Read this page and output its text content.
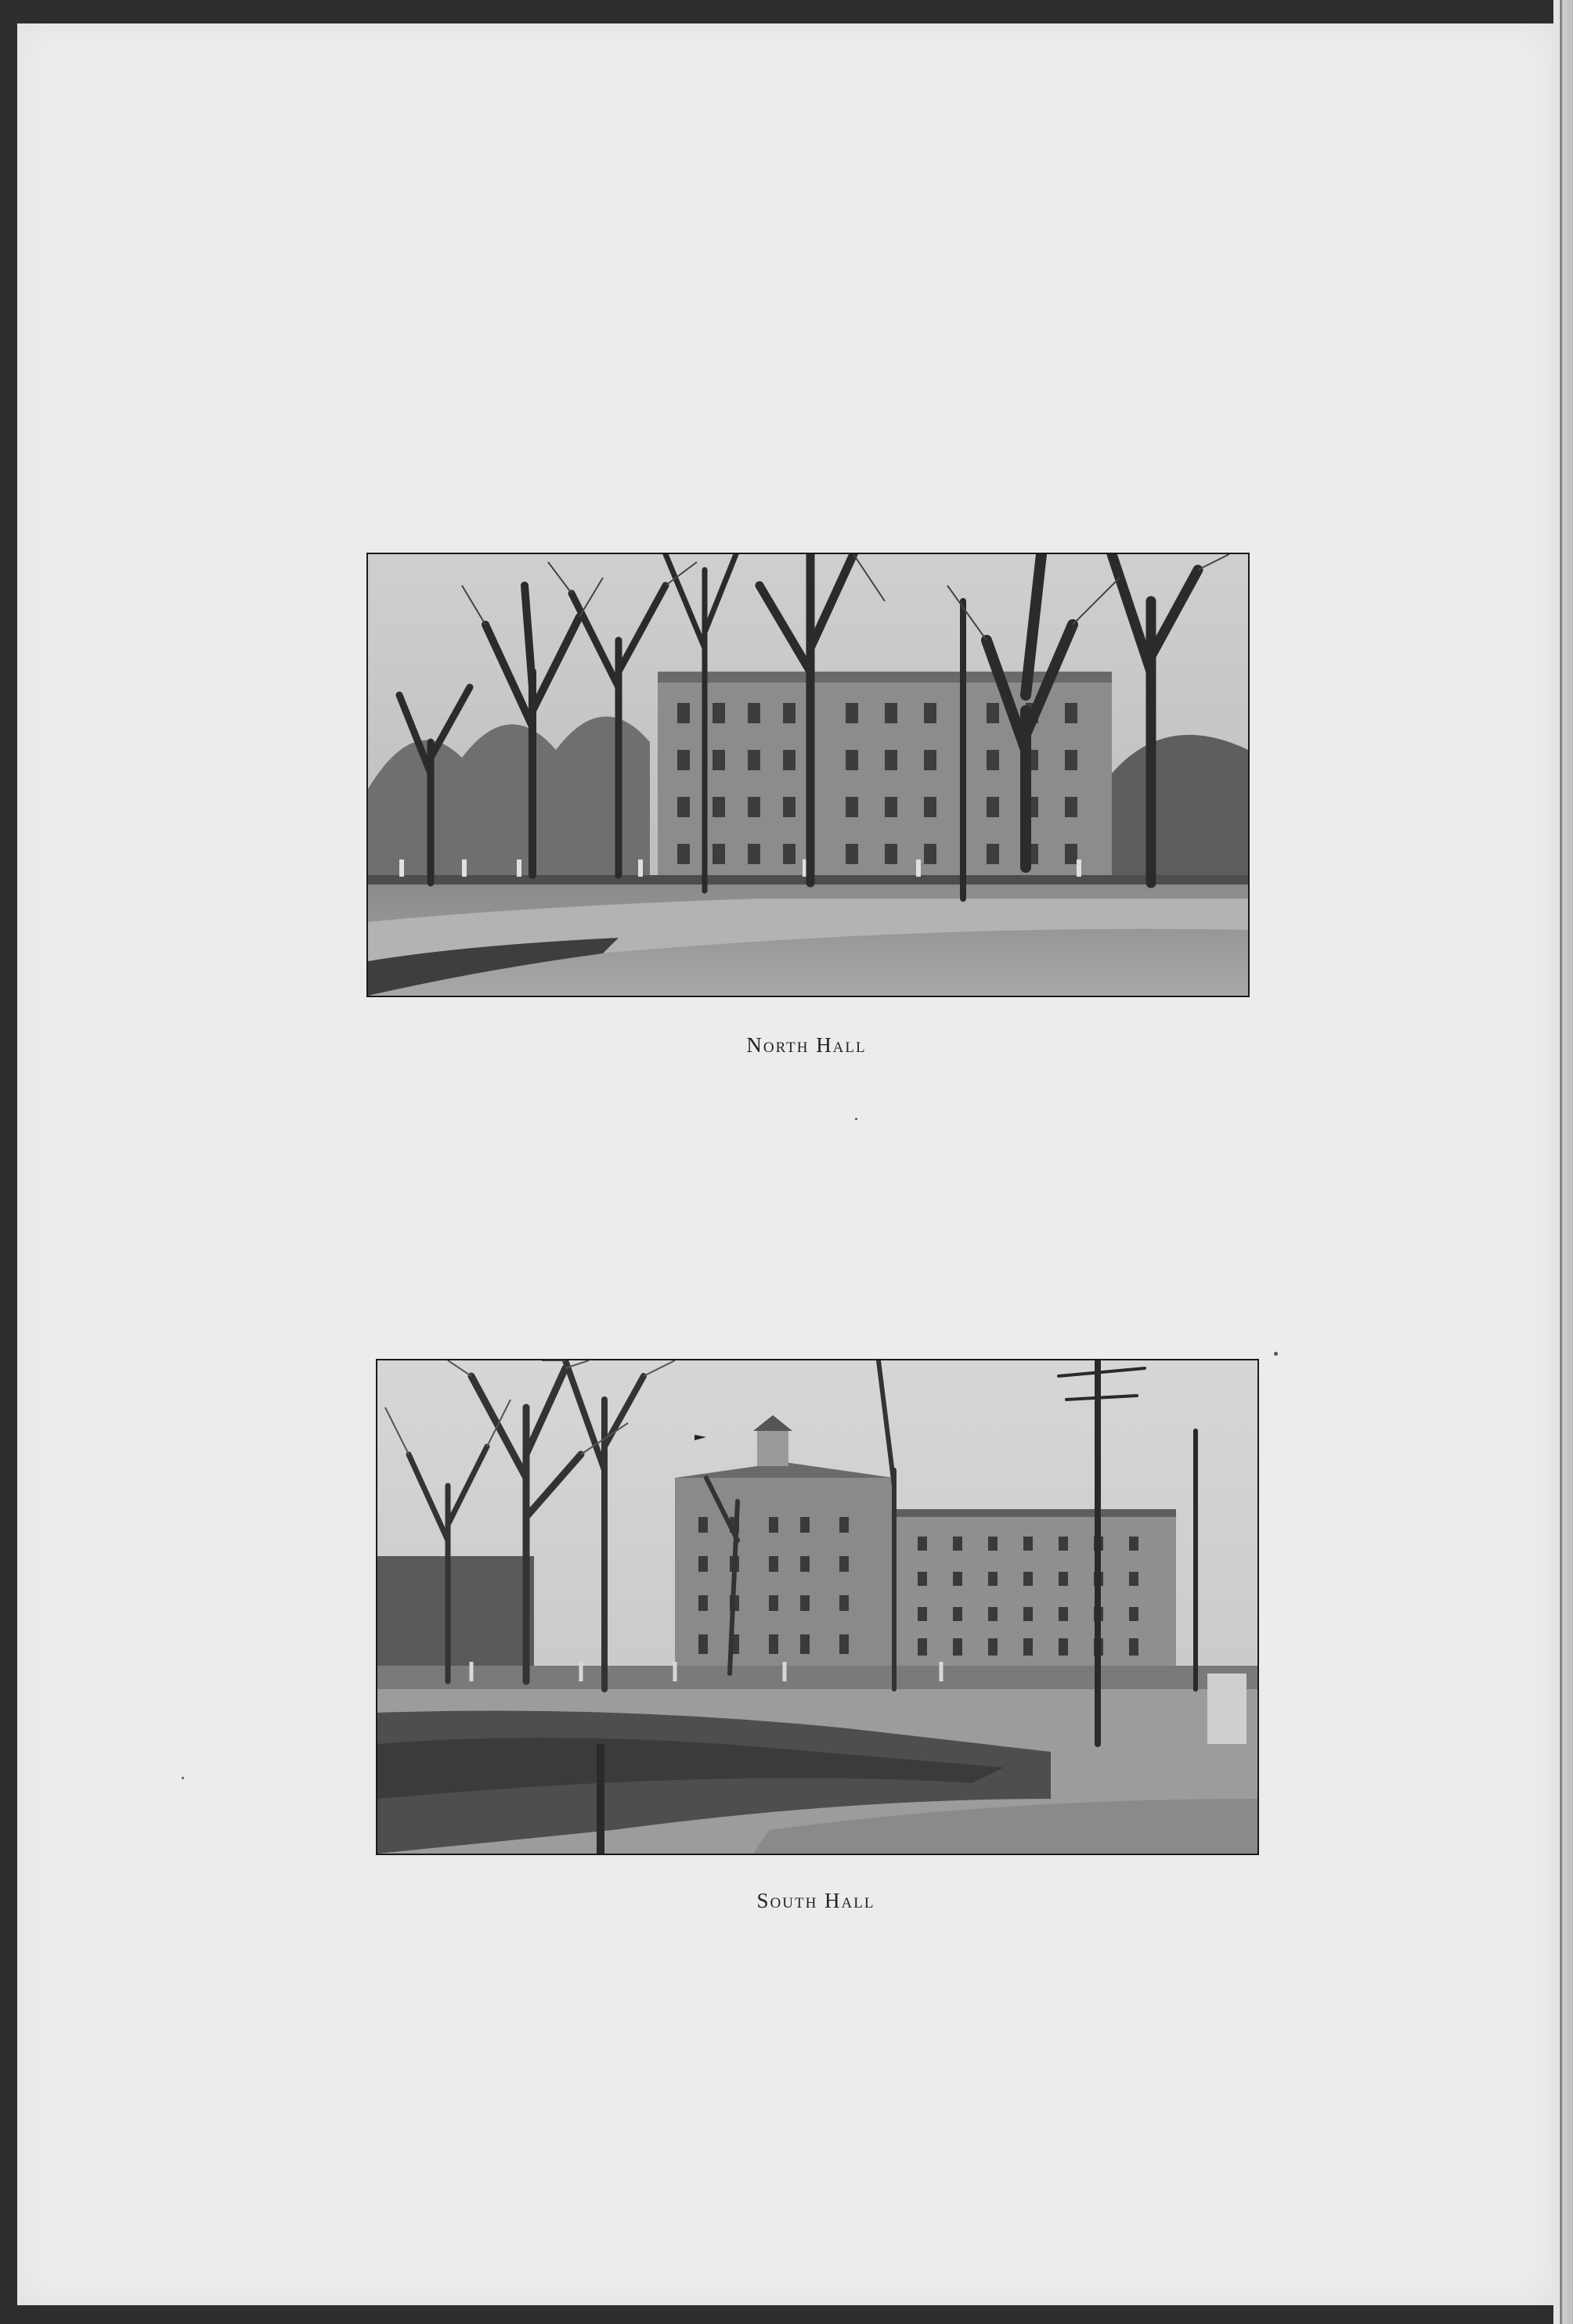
North Hall
South Hall
